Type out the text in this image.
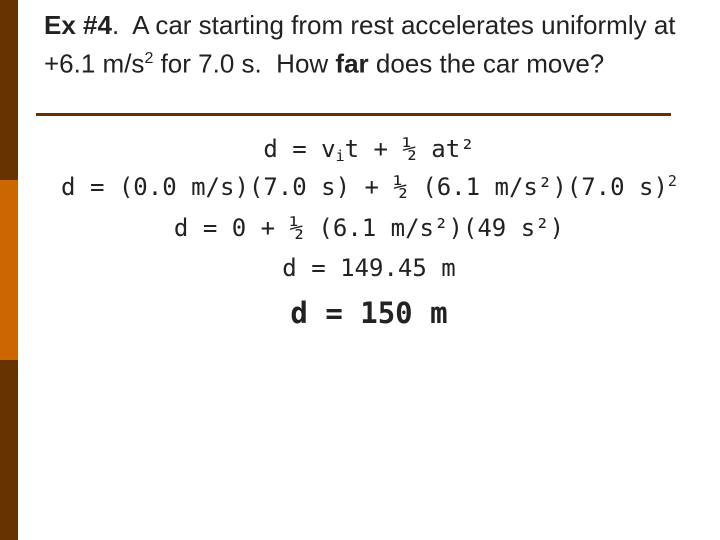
Ex #4.  A car starting from rest accelerates uniformly at +6.1 $m/s^2$ for 7.0 s.  How far does the car move?
$d = v_it$ + ½ at²
d = (0.0 m/s)(7.0 s) + ½ (6.1 m/s²)(7.0 s)$^2$
d = 0 + ½ (6.1 m/s²)(49 s²)
d = 149.45 m
d = 150 m
